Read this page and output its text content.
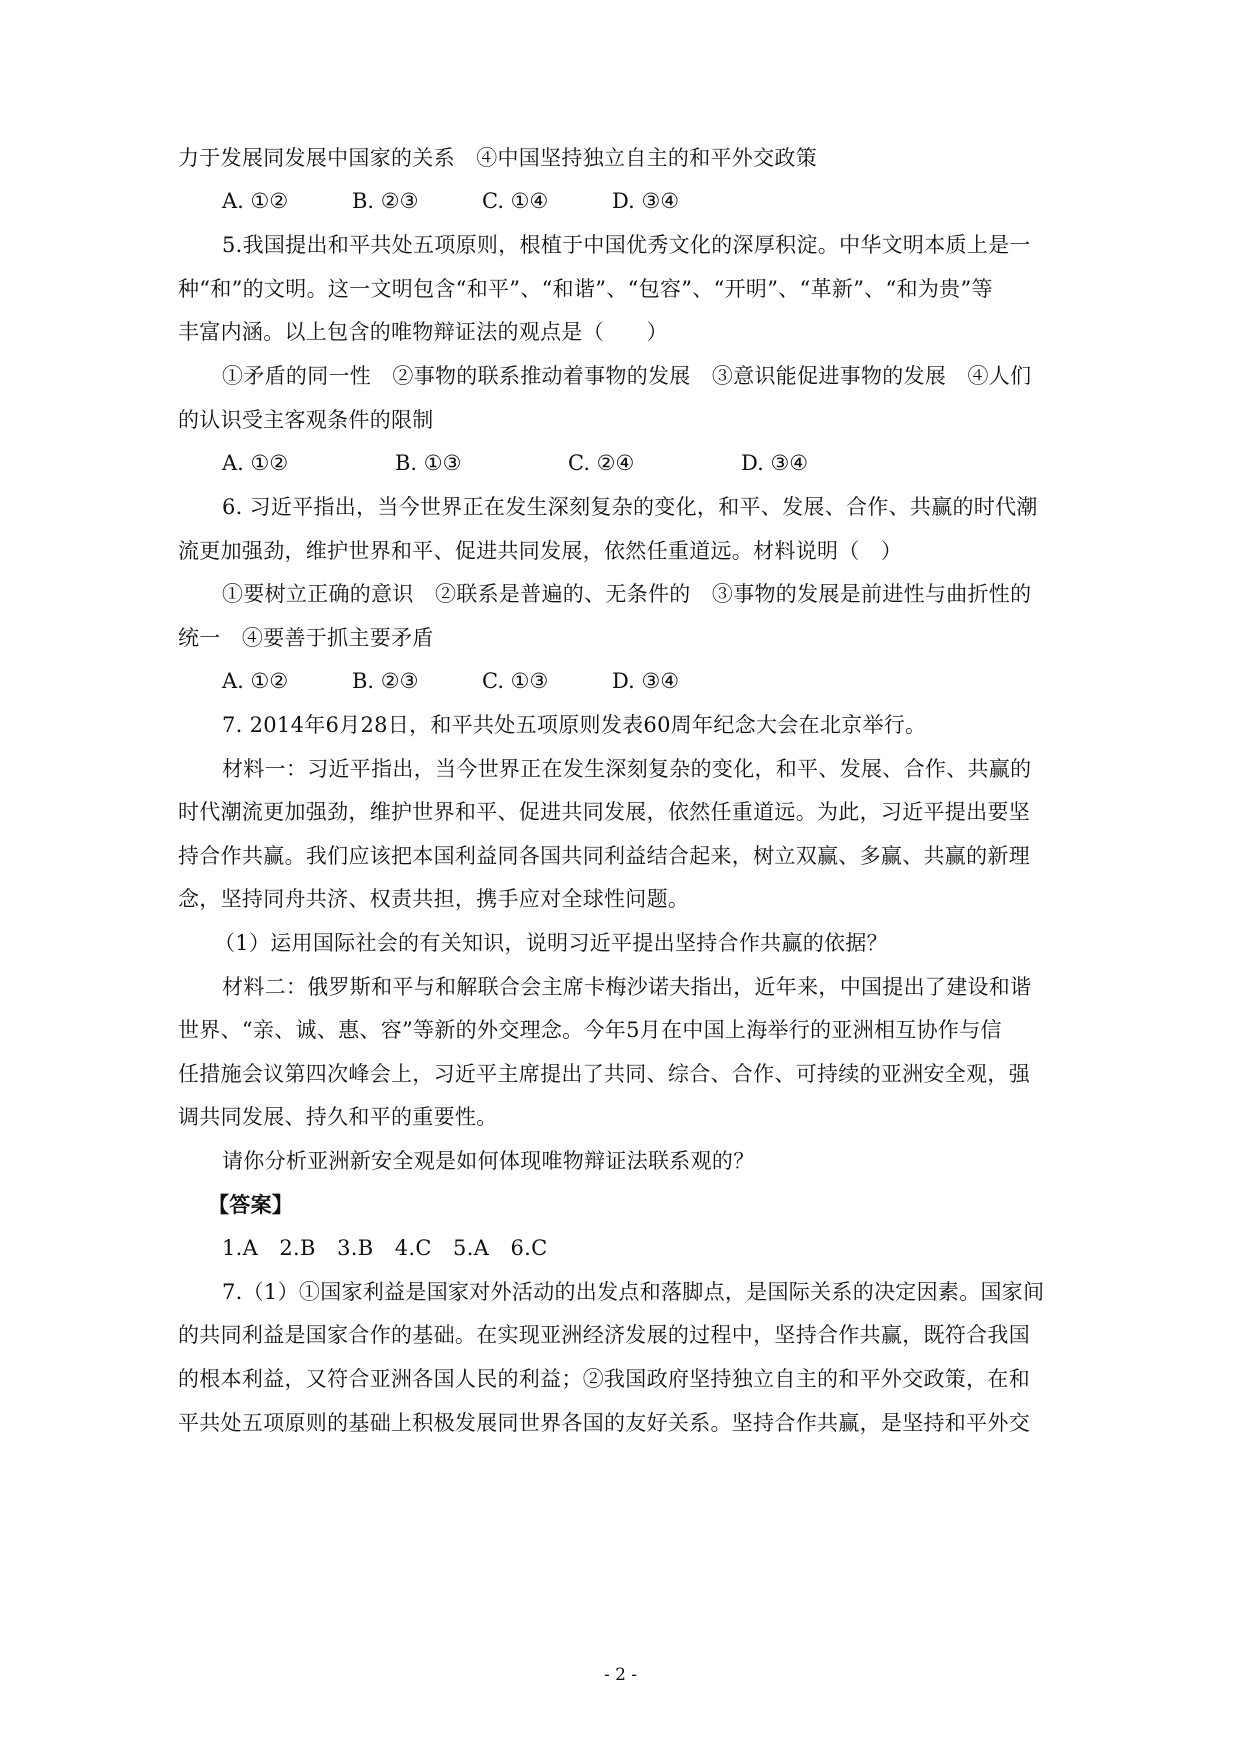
力于发展同发展中国家的关系　④中国坚持独立自主的和平外交政策
A. ①②	B. ②③	C. ①④	D. ③④
5.我国提出和平共处五项原则，根植于中国优秀文化的深厚积淀。中华文明本质上是一
种“和”的文明。这一文明包含“和平”、“和谐”、“包容”、“开明”、“革新”、“和为贵”等
丰富内涵。以上包含的唯物辩证法的观点是（　　）
①矛盾的同一性　②事物的联系推动着事物的发展　③意识能促进事物的发展　④人们
的认识受主客观条件的限制
A. ①②	B. ①③	C. ②④	D. ③④
6. 习近平指出，当今世界正在发生深刻复杂的变化，和平、发展、合作、共赢的时代潮
流更加强劲，维护世界和平、促进共同发展，依然任重道远。材料说明（　）
①要树立正确的意识　②联系是普遍的、无条件的　③事物的发展是前进性与曲折性的
统一　④要善于抓主要矛盾
A. ①②	B. ②③	C. ①③	D. ③④
7. 2014年6月28日，和平共处五项原则发表60周年纪念大会在北京举行。
材料一：习近平指出，当今世界正在发生深刻复杂的变化，和平、发展、合作、共赢的
时代潮流更加强劲，维护世界和平、促进共同发展，依然任重道远。为此，习近平提出要坚
持合作共赢。我们应该把本国利益同各国共同利益结合起来，树立双赢、多赢、共赢的新理
念，坚持同舟共济、权责共担，携手应对全球性问题。
（1）运用国际社会的有关知识，说明习近平提出坚持合作共赢的依据？
材料二：俄罗斯和平与和解联合会主席卡梅沙诺夫指出，近年来，中国提出了建设和谐
世界、“亲、诚、惠、容”等新的外交理念。今年5月在中国上海举行的亚洲相互协作与信
任措施会议第四次峰会上，习近平主席提出了共同、综合、合作、可持续的亚洲安全观，强
调共同发展、持久和平的重要性。
请你分析亚洲新安全观是如何体现唯物辩证法联系观的？
【答案】
1.A　2.B　3.B　4.C　5.A　6.C
7.（1）①国家利益是国家对外活动的出发点和落脚点，是国际关系的决定因素。国家间
的共同利益是国家合作的基础。在实现亚洲经济发展的过程中，坚持合作共赢，既符合我国
的根本利益，又符合亚洲各国人民的利益；②我国政府坚持独立自主的和平外交政策，在和
平共处五项原则的基础上积极发展同世界各国的友好关系。坚持合作共赢，是坚持和平外交
- 2 -
